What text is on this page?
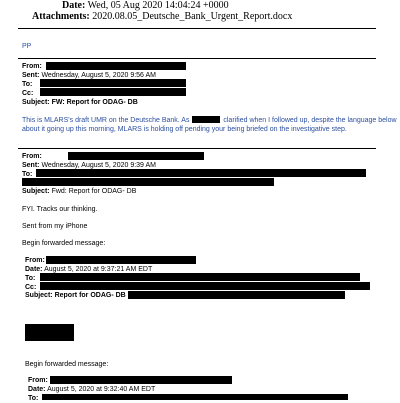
Date: Wed, 05 Aug 2020 14:04:24 +0000
Attachments: 2020.08.05_Deutsche_Bank_Urgent_Report.docx
PP
From:
Sent: Wednesday, August 5, 2020 9:56 AM
To:
Cc:
Subject: FW: Report for ODAG- DB
This is MLARS's draft UMR on the Deutsche Bank. As	clarified when I followed up, despite the language below
about it going up this morning, MLARS is holding off pending your being briefed on the investigative step.
From:
Sent: Wednesday, August 5, 2020 9:39 AM
To:
Subject: Fwd: Report for ODAG- DB
FYI. Tracks our thinking.
Sent from my iPhone
Begin forwarded message:
From:
Date: August 5, 2020 at 9:37:21 AM EDT
To:
Cc:
Subject: Report for ODAG- DB
Begin forwarded message:
From:
Date: August 5, 2020 at 9:32:40 AM EDT
To:
